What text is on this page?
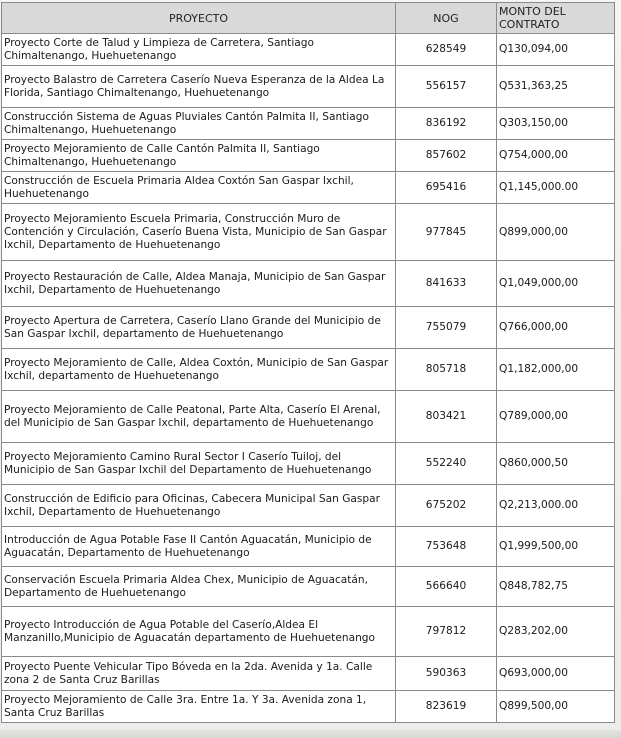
PROYECTO	NOG	MONTO DEL CONTRATO
Proyecto Corte de Talud y Limpieza de Carretera, Santiago Chimaltenango, Huehuetenango	628549	Q130,094,00
Proyecto Balastro de Carretera Caserío Nueva Esperanza de la Aldea La Florida, Santiago Chimaltenango, Huehuetenango	556157	Q531,363,25
Construcción Sistema de Aguas Pluviales Cantón Palmita II, Santiago Chimaltenango, Huehuetenango	836192	Q303,150,00
Proyecto Mejoramiento de Calle Cantón Palmita II, Santiago Chimaltenango, Huehuetenango	857602	Q754,000,00
Construcción de Escuela Primaria Aldea Coxtón San Gaspar Ixchil, Huehuetenango	695416	Q1,145,000.00
Proyecto Mejoramiento Escuela Primaria, Construcción Muro de Contención y Circulación, Caserío Buena Vista, Municipio de San Gaspar Ixchil, Departamento de Huehuetenango	977845	Q899,000,00
Proyecto Restauración de Calle, Aldea Manaja, Municipio de San Gaspar Ixchil, Departamento de Huehuetenango	841633	Q1,049,000,00
Proyecto Apertura de Carretera, Caserío Llano Grande del Municipio de San Gaspar Ixchil, departamento de Huehuetenango	755079	Q766,000,00
Proyecto Mejoramiento de Calle, Aldea Coxtón, Municipio de San Gaspar Ixchil, departamento de Huehuetenango	805718	Q1,182,000,00
Proyecto Mejoramiento de Calle Peatonal, Parte Alta, Caserío El Arenal, del Municipio de San Gaspar Ixchil, departamento de Huehuetenango	803421	Q789,000,00
Proyecto Mejoramiento Camino Rural Sector I Caserío Tuiloj, del Municipio de San Gaspar Ixchil del Departamento de Huehuetenango	552240	Q860,000,50
Construcción de Edificio para Oficinas, Cabecera Municipal San Gaspar Ixchil, Departamento de Huehuetenango	675202	Q2,213,000.00
Introducción de Agua Potable Fase II Cantón Aguacatán, Municipio de Aguacatán, Departamento de Huehuetenango	753648	Q1,999,500,00
Conservación Escuela Primaria Aldea Chex, Municipio de Aguacatán, Departamento de Huehuetenango	566640	Q848,782,75
Proyecto Introducción de Agua Potable del Caserío,Aldea El Manzanillo,Municipio de Aguacatán departamento de Huehuetenango	797812	Q283,202,00
Proyecto Puente Vehicular Tipo Bóveda en la 2da. Avenida y 1a. Calle zona 2 de Santa Cruz Barillas	590363	Q693,000,00
Proyecto Mejoramiento de Calle 3ra. Entre 1a. Y 3a. Avenida zona 1, Santa Cruz Barillas	823619	Q899,500,00
